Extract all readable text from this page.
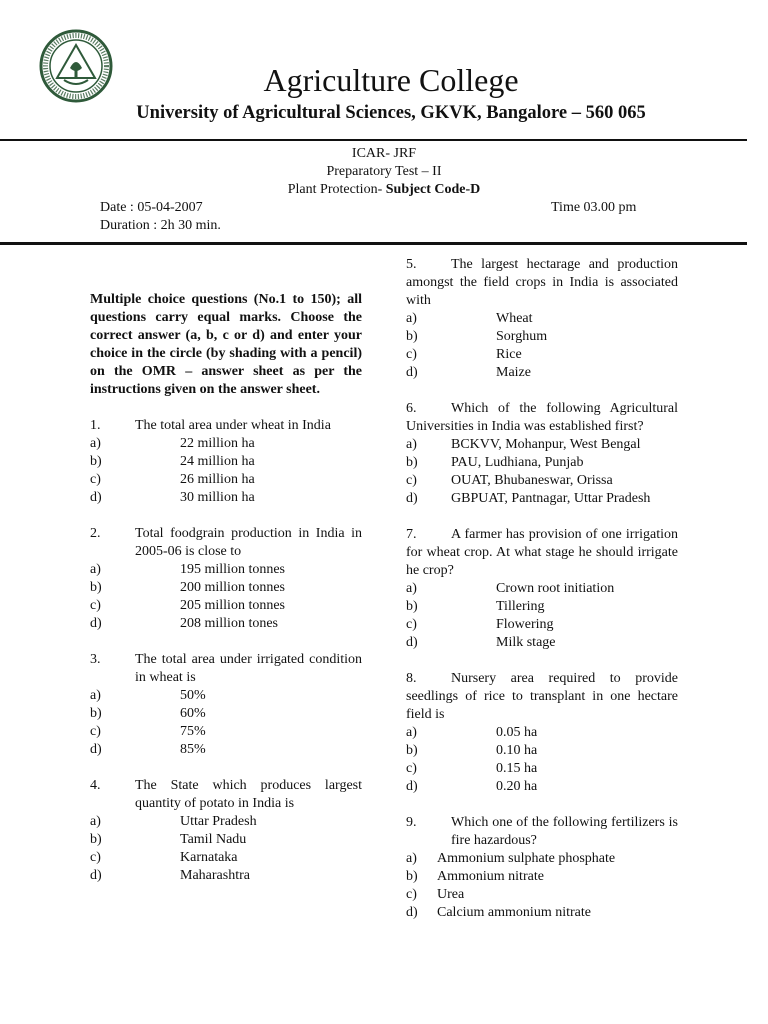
Agriculture College
University of Agricultural Sciences, GKVK, Bangalore – 560 065
ICAR- JRF
Preparatory Test – II
Plant Protection- Subject Code-D
Date : 05-04-2007
Duration : 2h 30 min.
Time 03.00 pm
Multiple choice questions (No.1 to 150); all questions carry equal marks. Choose the correct answer (a, b, c or d) and enter your choice in the circle (by shading with a pencil) on the OMR – answer sheet as per the instructions given on the answer sheet.
1.	The total area under wheat in India
a)	22 million ha
b)	24 million ha
c)	26 million ha
d)	30 million ha
2.	Total foodgrain production in India in 2005-06 is close to
a)	195 million tonnes
b)	200 million tonnes
c)	205 million tonnes
d)	208 million tones
3.	The total area under irrigated condition in wheat is
a)	50%
b)	60%
c)	75%
d)	85%
4.	The State which produces largest quantity of potato in India is
a)	Uttar Pradesh
b)	Tamil Nadu
c)	Karnataka
d)	Maharashtra
5. The largest hectarage and production amongst the field crops in India is associated with
a)	Wheat
b)	Sorghum
c)	Rice
d)	Maize
6. Which of the following Agricultural Universities in India was established first?
a)	BCKVV, Mohanpur, West Bengal
b)	PAU, Ludhiana, Punjab
c)	OUAT, Bhubaneswar, Orissa
d)	GBPUAT, Pantnagar, Uttar Pradesh
7. A farmer has provision of one irrigation for wheat crop. At what stage he should irrigate he crop?
a)	Crown root initiation
b)	Tillering
c)	Flowering
d)	Milk stage
8. Nursery area required to provide seedlings of rice to transplant in one hectare field is
a)	0.05 ha
b)	0.10 ha
c)	0.15 ha
d)	0.20 ha
9.	Which one of the following fertilizers is fire hazardous?
a)	Ammonium sulphate phosphate
b)	Ammonium nitrate
c)	Urea
d)	Calcium ammonium nitrate
